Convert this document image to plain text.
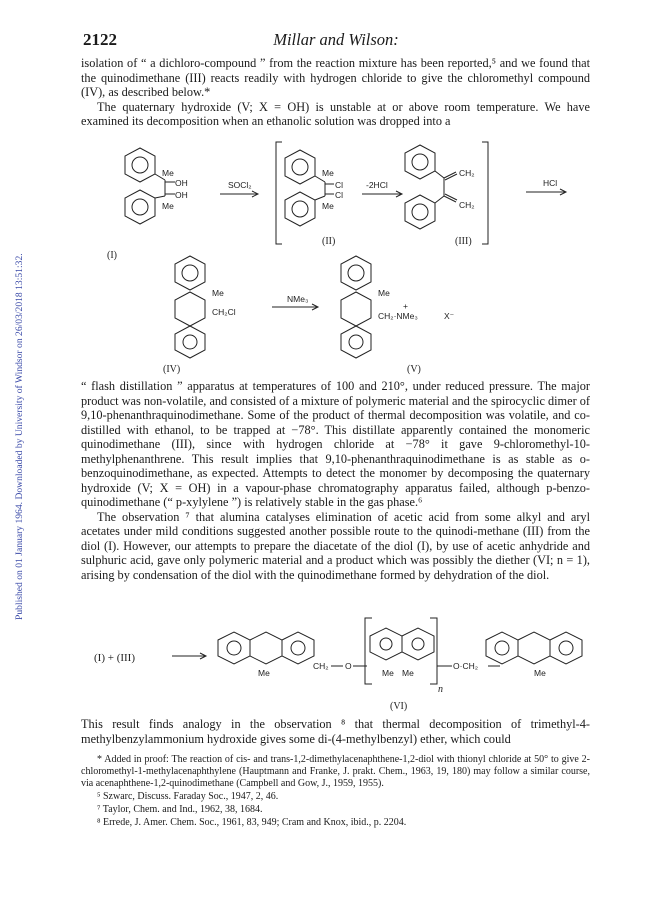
Published on 01 January 1964. Downloaded by University of Windsor on 26/03/2018 13:51:32.
2122	Millar and Wilson:

isolation of “ a dichloro-compound ” from the reaction mixture has been reported,⁵ and we found that the quinodimethane (III) reacts readily with hydrogen chloride to give the chloromethyl compound (IV), as described below.*

The quaternary hydroxide (V; X = OH) is unstable at or above room temperature. We have examined its decomposition when an ethanolic solution was dropped into a

Me
OH
OH
Me
(I)
SOCl₂
Me
Cl
Cl
Me
(II)
-2HCl
CH₂
CH₂
(III)
HCl
Me
CH₂Cl
(IV)
NMe₃
Me
+
CH₂·NMe₃	X⁻
(V)

“ flash distillation ” apparatus at temperatures of 100 and 210°, under reduced pressure. The major product was non-volatile, and consisted of a mixture of polymeric material and the spirocyclic dimer of 9,10-phenanthraquinodimethane. Some of the product of thermal decomposition was volatile, and co-distilled with ethanol, to be trapped at −78°. This distillate apparently contained the monomeric quinodimethane (III), since with hydrogen chloride at −78° it gave 9-chloromethyl-10-methylphenanthrene. This result implies that 9,10-phenanthraquinodimethane is as stable as o-benzoquinodimethane, as expected. Attempts to detect the monomer by decomposing the quaternary hydroxide (V; X = OH) in a vapour-phase chromatography apparatus failed, although p-benzo-quinodimethane (“ p-xylylene ”) is relatively stable in the gas phase.⁶

The observation ⁷ that alumina catalyses elimination of acetic acid from some alkyl and aryl acetates under mild conditions suggested another possible route to the quinodi-methane (III) from the diol (I). However, our attempts to prepare the diacetate of the diol (I), by use of acetic anhydride and sulphuric acid, gave only polymeric material and a product which was possibly the diether (VI; n = 1), arising by condensation of the diol with the quinodimethane formed by dehydration of the diol.

(I) + (III)
Me
CH₂ O
Me Me
n
O·CH₂
Me
(VI)

This result finds analogy in the observation ⁸ that thermal decomposition of trimethyl-4-methylbenzylammonium hydroxide gives some di-(4-methylbenzyl) ether, which could

* Added in proof: The reaction of cis- and trans-1,2-dimethylacenaphthene-1,2-diol with thionyl chloride at 50° to give 2-chloromethyl-1-methylacenaphthylene (Hauptmann and Franke, J. prakt. Chem., 1963, 19, 180) may follow a similar course, via acenaphthene-1,2-quinodimethane (Campbell and Gow, J., 1959, 1955).

⁵ Szwarc, Discuss. Faraday Soc., 1947, 2, 46.

⁷ Taylor, Chem. and Ind., 1962, 38, 1684.

⁸ Errede, J. Amer. Chem. Soc., 1961, 83, 949; Cram and Knox, ibid., p. 2204.
